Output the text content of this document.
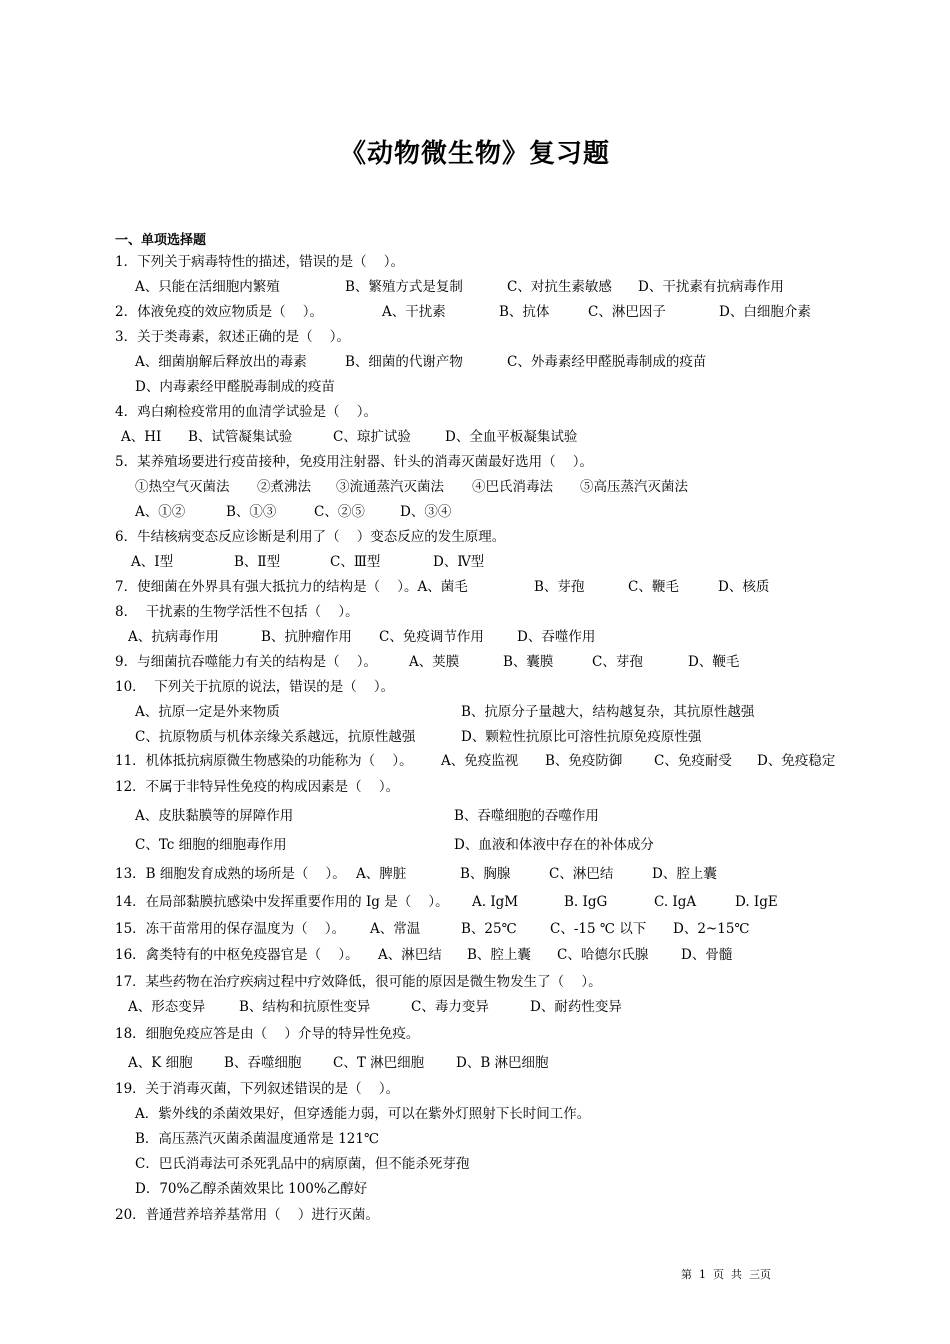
《动物微生物》复习题
一、单项选择题
1．下列关于病毒特性的描述，错误的是（    ）。
A、只能在活细胞内繁殖	B、繁殖方式是复制	C、对抗生素敏感 D、干扰素有抗病毒作用
2．体液免疫的效应物质是（    ）。	A、干扰素	B、抗体	C、淋巴因子	D、白细胞介素
3．关于类毒素，叙述正确的是（    ）。
A、细菌崩解后释放出的毒素	B、细菌的代谢产物	C、外毒素经甲醛脱毒制成的疫苗
D、内毒素经甲醛脱毒制成的疫苗
4．鸡白痢检疫常用的血清学试验是（    ）。
A、HI B、试管凝集试验	C、琼扩试验	D、全血平板凝集试验
5．某养殖场要进行疫苗接种，免疫用注射器、针头的消毒灭菌最好选用（    ）。
①热空气灭菌法 ②煮沸法 ③流通蒸汽灭菌法 ④巴氏消毒法 ⑤高压蒸汽灭菌法
A、①②	B、①③	C、②⑤	D、③④
6．牛结核病变态反应诊断是利用了（    ）变态反应的发生原理。
A、Ⅰ型	B、Ⅱ型	C、Ⅲ型	D、Ⅳ型
7．使细菌在外界具有强大抵抗力的结构是（    ）。A、菌毛	B、芽孢	C、鞭毛	D、核质
8．  干扰素的生物学活性不包括（    ）。
A、抗病毒作用	B、抗肿瘤作用 C、免疫调节作用 D、吞噬作用
9．与细菌抗吞噬能力有关的结构是（    ）。 A、荚膜	B、囊膜	C、芽孢	D、鞭毛
10．  下列关于抗原的说法，错误的是（    ）。
A、抗原一定是外来物质	B、抗原分子量越大，结构越复杂，其抗原性越强
C、抗原物质与机体亲缘关系越远，抗原性越强	D、颗粒性抗原比可溶性抗原免疫原性强
11．机体抵抗病原微生物感染的功能称为（    ）。 A、免疫监视 B、免疫防御 C、免疫耐受 D、免疫稳定
12．不属于非特异性免疫的构成因素是（    ）。
A、皮肤黏膜等的屏障作用	B、吞噬细胞的吞噬作用
C、Tc 细胞的细胞毒作用	D、血液和体液中存在的补体成分
13．B 细胞发育成熟的场所是（    ）。 A、脾脏	B、胸腺	C、淋巴结	D、腔上囊
14．在局部黏膜抗感染中发挥重要作用的 Ig 是（    ）。 A. IgM	B. IgG	C. IgA	D. IgE
15．冻干苗常用的保存温度为（    ）。 A、常温	B、25℃ C、-15 ℃ 以下 D、2~15℃
16．禽类特有的中枢免疫器官是（    ）。 A、淋巴结 B、腔上囊 C、哈德尔氏腺 D、骨髓
17．某些药物在治疗疾病过程中疗效降低，很可能的原因是微生物发生了（    ）。
A、形态变异	B、结构和抗原性变异	C、毒力变异	D、耐药性变异
18．细胞免疫应答是由（    ）介导的特异性免疫。
A、K 细胞 B、吞噬细胞 C、T 淋巴细胞 D、B 淋巴细胞
19．关于消毒灭菌，下列叙述错误的是（    ）。
A．紫外线的杀菌效果好，但穿透能力弱，可以在紫外灯照射下长时间工作。
B．高压蒸汽灭菌杀菌温度通常是 121℃
C．巴氏消毒法可杀死乳品中的病原菌，但不能杀死芽孢
D．70%乙醇杀菌效果比 100%乙醇好
20．普通营养培养基常用（    ）进行灭菌。
第  1  页  共  三页
